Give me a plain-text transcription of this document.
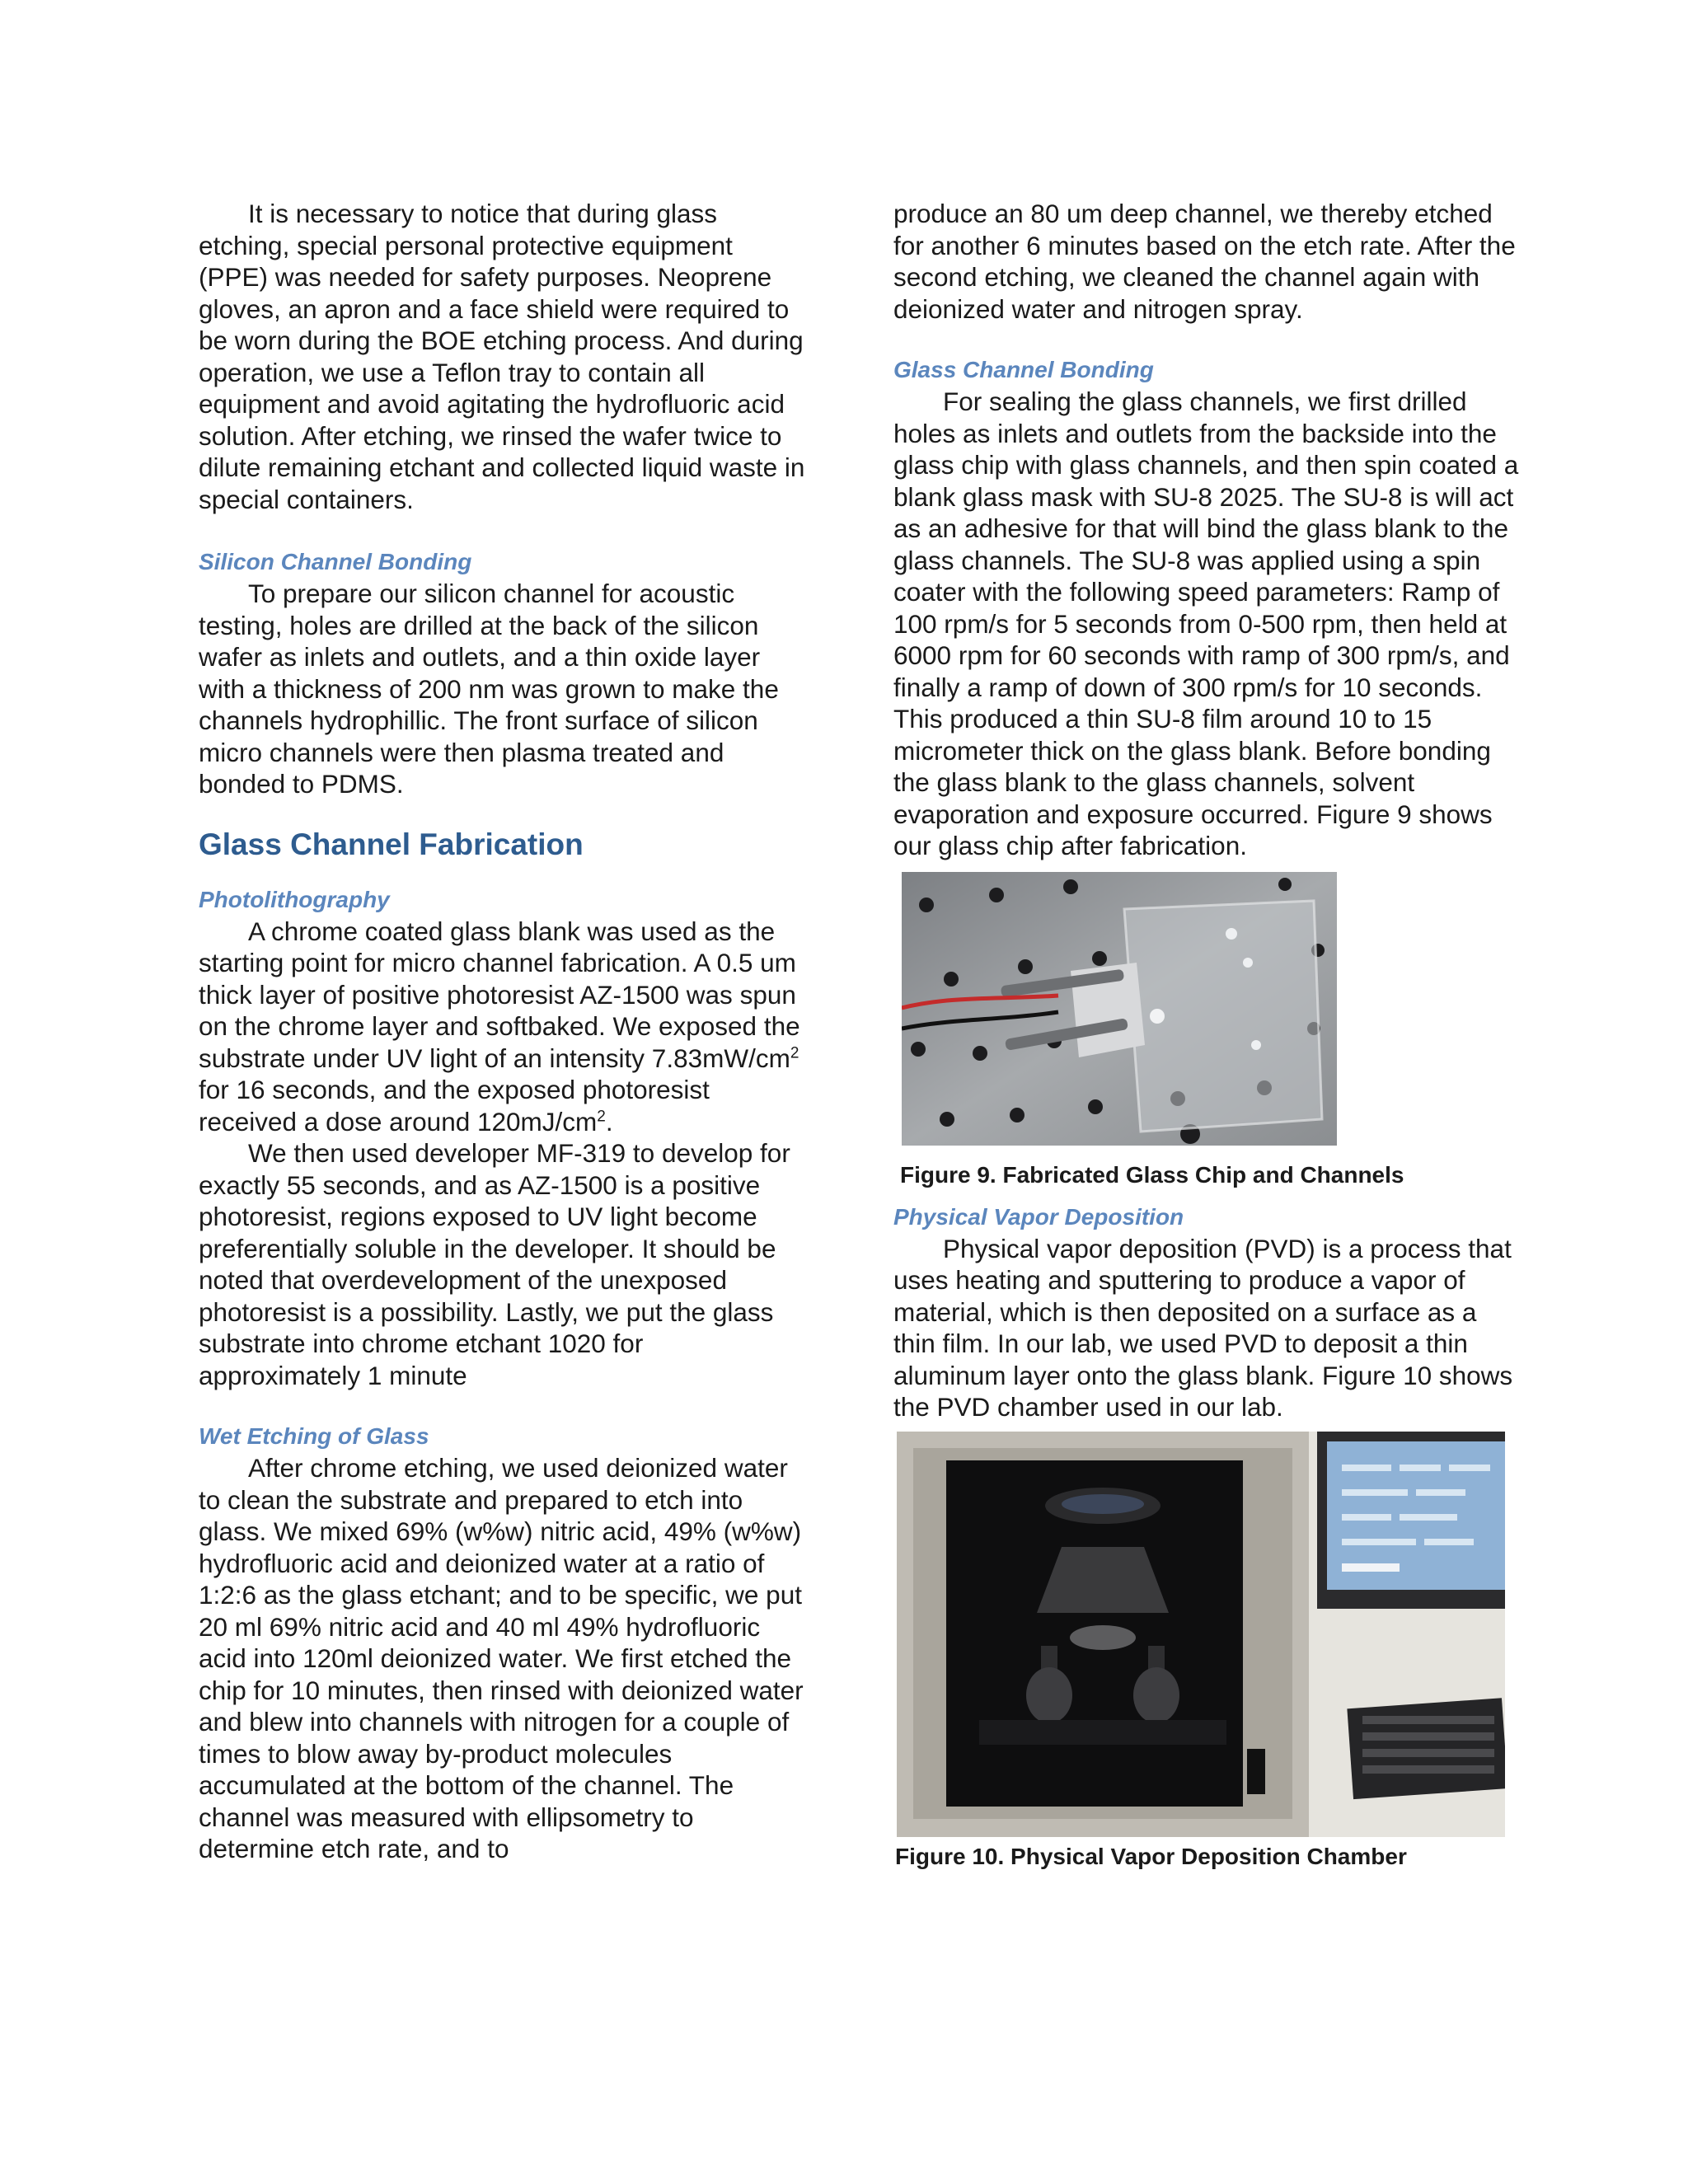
It is necessary to notice that during glass etching, special personal protective equipment (PPE) was needed for safety purposes. Neoprene gloves, an apron and a face shield were required to be worn during the BOE etching process. And during operation, we use a Teflon tray to contain all equipment and avoid agitating the hydrofluoric acid solution. After etching, we rinsed the wafer twice to dilute remaining etchant and collected liquid waste in special containers.

Silicon Channel Bonding

To prepare our silicon channel for acoustic testing, holes are drilled at the back of the silicon wafer as inlets and outlets, and a thin oxide layer with a thickness of 200 nm was grown to make the channels hydrophillic. The front surface of silicon micro channels were then plasma treated and bonded to PDMS.

Glass Channel Fabrication

Photolithography

A chrome coated glass blank was used as the starting point for micro channel fabrication. A 0.5 um thick layer of positive photoresist AZ-1500 was spun on the chrome layer and softbaked. We exposed the substrate under UV light of an intensity $7.83mW/cm^2$ for 16 seconds, and the exposed photoresist received a dose around $120mJ/cm^2$.

We then used developer MF-319 to develop for exactly 55 seconds, and as AZ-1500 is a positive photoresist, regions exposed to UV light become preferentially soluble in the developer. It should be noted that overdevelopment of the unexposed photoresist is a possibility. Lastly, we put the glass substrate into chrome etchant 1020 for approximately 1 minute

Wet Etching of Glass

After chrome etching, we used deionized water to clean the substrate and prepared to etch into glass. We mixed 69% (w%w) nitric acid, 49% (w%w) hydrofluoric acid and deionized water at a ratio of 1:2:6 as the glass etchant; and to be specific, we put 20 ml 69% nitric acid and 40 ml 49% hydrofluoric acid into 120ml deionized water. We first etched the chip for 10 minutes, then rinsed with deionized water and blew into channels with nitrogen for a couple of times to blow away by-product molecules accumulated at the bottom of the channel. The channel was measured with ellipsometry to determine etch rate, and to

produce an 80 um deep channel, we thereby etched for another 6 minutes based on the etch rate. After the second etching, we cleaned the channel again with deionized water and nitrogen spray.

Glass Channel Bonding

For sealing the glass channels, we first drilled holes as inlets and outlets from the backside into the glass chip with glass channels, and then spin coated a blank glass mask with SU-8 2025. The SU-8 is will act as an adhesive for that will bind the glass blank to the glass channels. The SU-8 was applied using a spin coater with the following speed parameters: Ramp of 100 rpm/s for 5 seconds from 0-500 rpm, then held at 6000 rpm for 60 seconds with ramp of 300 rpm/s, and finally a ramp of down of 300 rpm/s for 10 seconds. This produced a thin SU-8 film around 10 to 15 micrometer thick on the glass blank. Before bonding the glass blank to the glass channels, solvent evaporation and exposure occurred. Figure 9 shows our glass chip after fabrication.

Figure 9. Fabricated Glass Chip and Channels

Physical Vapor Deposition

Physical vapor deposition (PVD) is a process that uses heating and sputtering to produce a vapor of material, which is then deposited on a surface as a thin film. In our lab, we used PVD to deposit a thin aluminum layer onto the glass blank. Figure 10 shows the PVD chamber used in our lab.

Figure 10. Physical Vapor Deposition Chamber
